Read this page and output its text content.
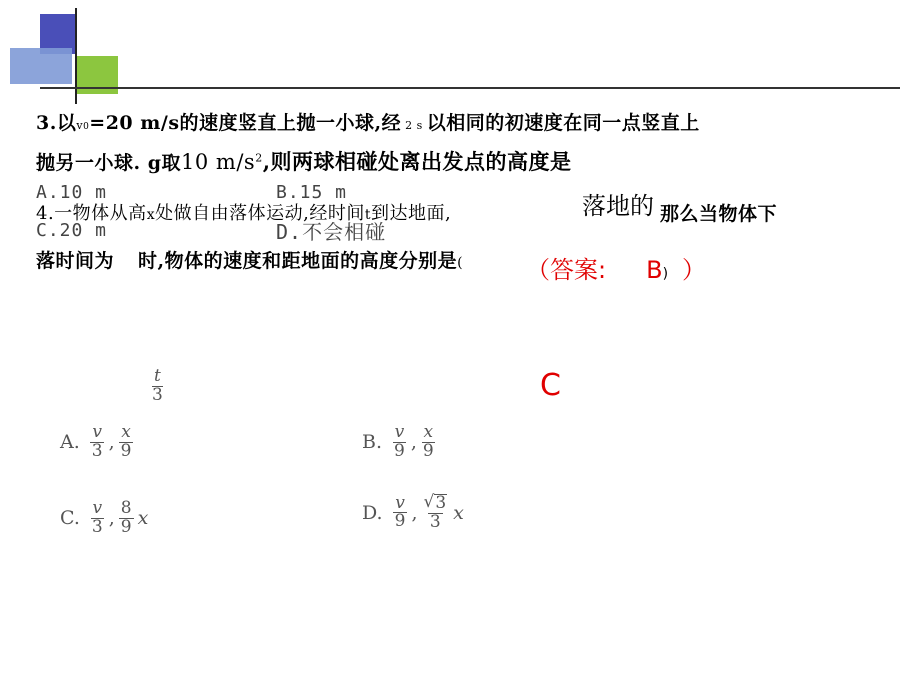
3.以v0=20 m/s的速度竖直上抛一小球,经 2 s 以相同的初速度在同一点竖直上
抛另一小球. g取10 $m/s^2$,则两球相碰处离出发点的高度是
A.10 m	B.15 m
C.20 m	D.不会相碰
4.一物体从高x处做自由落体运动,经时间t到达地面,	那么当物体下
落地的
落时间为 时,物体的速度和距地面的高度分别是(	（答案: B) ）
$\frac{t}{3}$	C
A. $\frac{v}{3}$ , $\frac{x}{9}$	B. $\frac{v}{9}$ , $\frac{x}{9}$
C. $\frac{v}{3}$ , $\frac{8}{9}$ x	D. $\frac{v}{9}$ , $\frac{√ 3}{3}$ x
